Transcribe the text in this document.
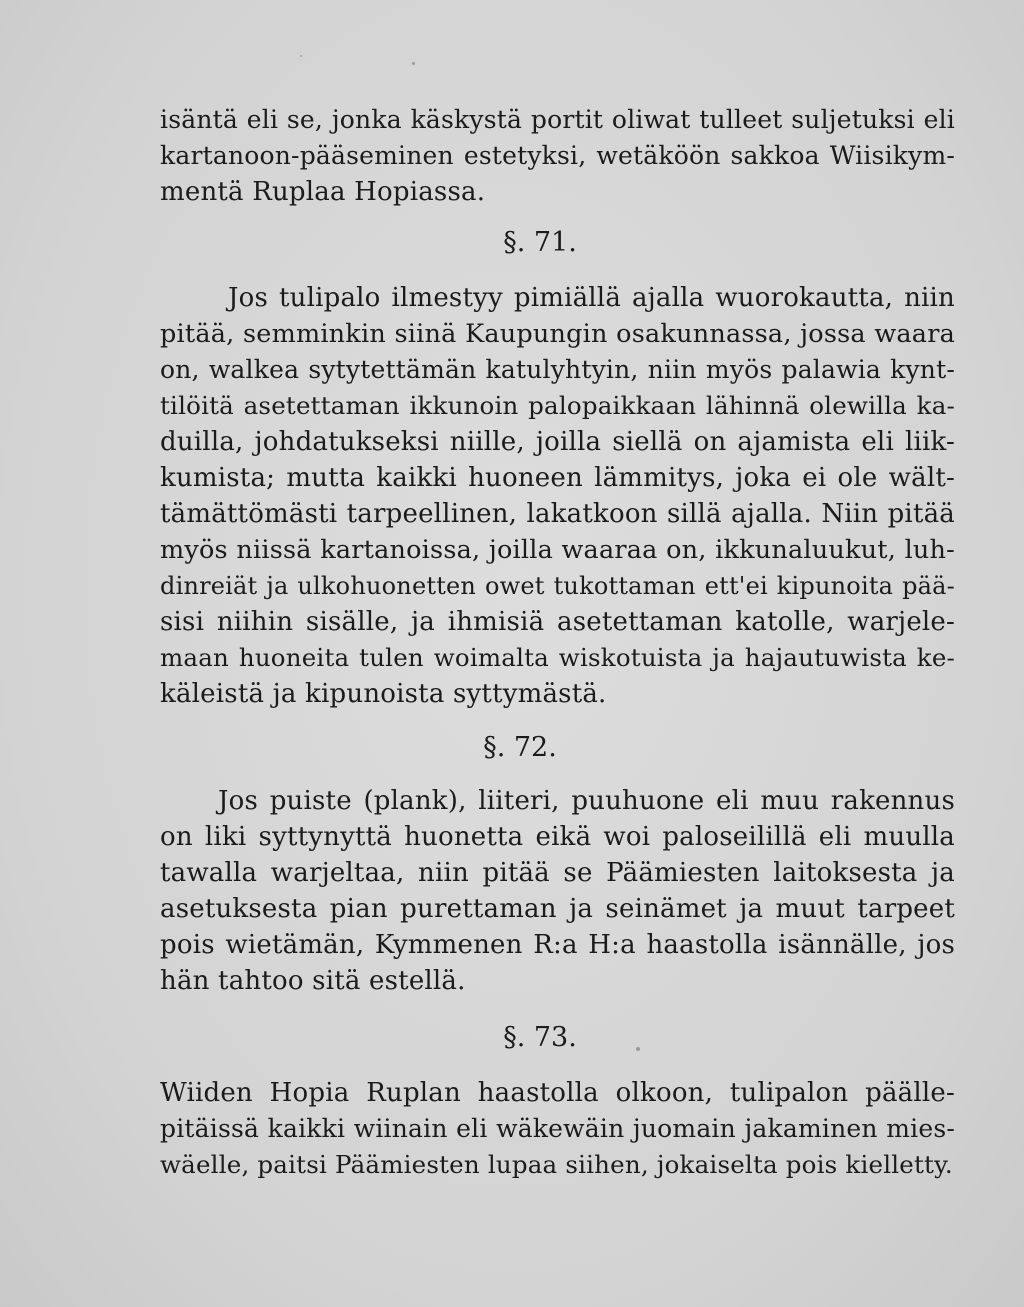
isäntä eli se, jonka käskystä portit oliwat tulleet suljetuksi eli
kartanoon-pääseminen estetyksi, wetäköön sakkoa Wiisikym-
mentä Ruplaa Hopiassa.
§. 71.
Jos tulipalo ilmestyy pimiällä ajalla wuorokautta, niin
pitää, semminkin siinä Kaupungin osakunnassa, jossa waara
on, walkea sytytettämän katulyhtyin, niin myös palawia kynt-
tilöitä asetettaman ikkunoin palopaikkaan lähinnä olewilla ka-
duilla, johdatukseksi niille, joilla siellä on ajamista eli liik-
kumista; mutta kaikki huoneen lämmitys, joka ei ole wält-
tämättömästi tarpeellinen, lakatkoon sillä ajalla. Niin pitää
myös niissä kartanoissa, joilla waaraa on, ikkunaluukut, luh-
dinreiät ja ulkohuonetten owet tukottaman ett'ei kipunoita pää-
sisi niihin sisälle, ja ihmisiä asetettaman katolle, warjele-
maan huoneita tulen woimalta wiskotuista ja hajautuwista ke-
käleistä ja kipunoista syttymästä.
§. 72.
Jos puiste (plank), liiteri, puuhuone eli muu rakennus
on liki syttynyttä huonetta eikä woi paloseilillä eli muulla
tawalla warjeltaa, niin pitää se Päämiesten laitoksesta ja
asetuksesta pian purettaman ja seinämet ja muut tarpeet
pois wietämän, Kymmenen R:a H:a haastolla isännälle, jos
hän tahtoo sitä estellä.
§. 73.
Wiiden Hopia Ruplan haastolla olkoon, tulipalon päälle-
pitäissä kaikki wiinain eli wäkewäin juomain jakaminen mies-
wäelle, paitsi Päämiesten lupaa siihen, jokaiselta pois kielletty.
